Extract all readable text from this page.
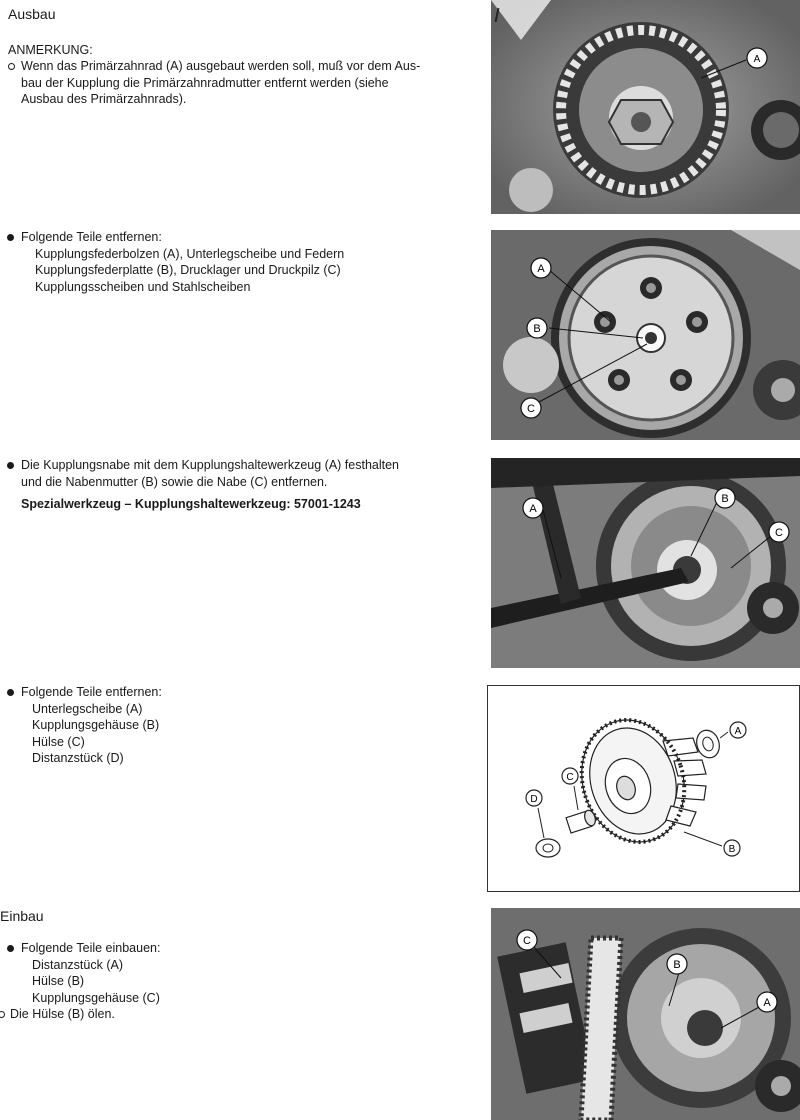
Ausbau
ANMERKUNG:
Wenn das Primärzahnrad (A) ausgebaut werden soll, muß vor dem Aus-
bau der Kupplung die Primärzahnradmutter entfernt werden (siehe
Ausbau des Primärzahnrads).
Folgende Teile entfernen:
Kupplungsfederbolzen (A), Unterlegscheibe und Federn
Kupplungsfederplatte (B), Drucklager und Druckpilz (C)
Kupplungsscheiben und Stahlscheiben
Die Kupplungsnabe mit dem Kupplungshaltewerkzeug (A) festhalten
und die Nabenmutter (B) sowie die Nabe (C) entfernen.
Spezialwerkzeug – Kupplungshaltewerkzeug: 57001-1243
Folgende Teile entfernen:
Unterlegscheibe (A)
Kupplungsgehäuse (B)
Hülse (C)
Distanzstück (D)
Einbau
Folgende Teile einbauen:
Distanzstück (A)
Hülse (B)
Kupplungsgehäuse (C)
Die Hülse (B) ölen.
A
A
B
C
A
B
C
A
B
C
D
C
B
A
